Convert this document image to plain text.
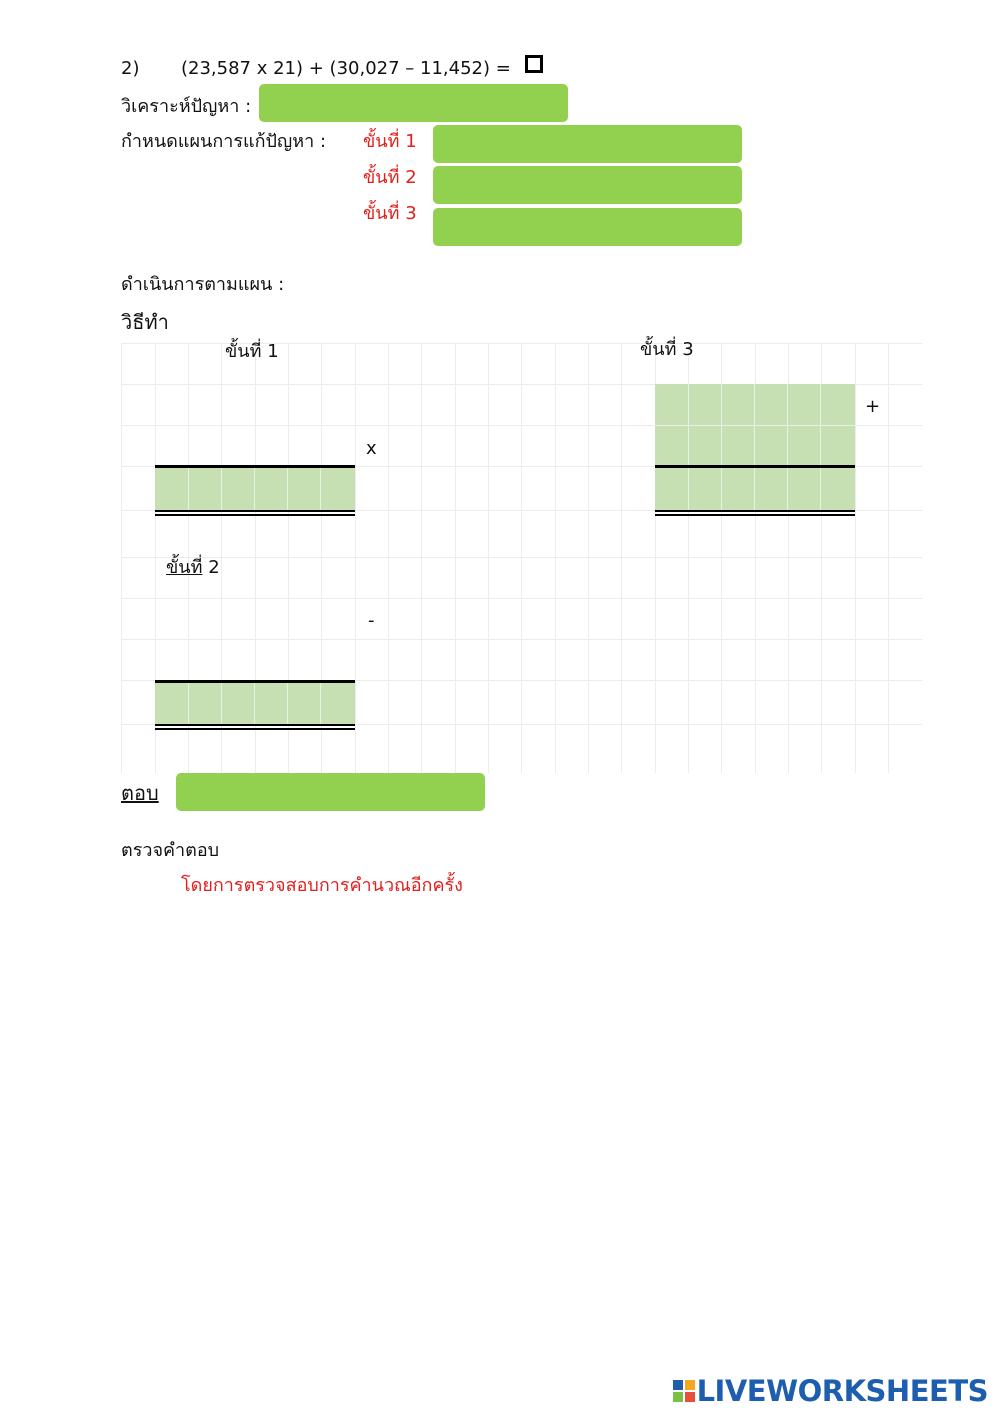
2) (23,587 x 21) + (30,027 – 11,452) =
วิเคราะห์ปัญหา :
กำหนดแผนการแก้ปัญหา : ขั้นที่ 1
ขั้นที่ 2
ขั้นที่ 3
ดำเนินการตามแผน :
วิธีทำ
ขั้นที่ 1
x
ขั้นที่ 2
-
ขั้นที่ 3
+
ตอบ
ตรวจคำตอบ
โดยการตรวจสอบการคำนวณอีกครั้ง
LIVEWORKSHEETS
